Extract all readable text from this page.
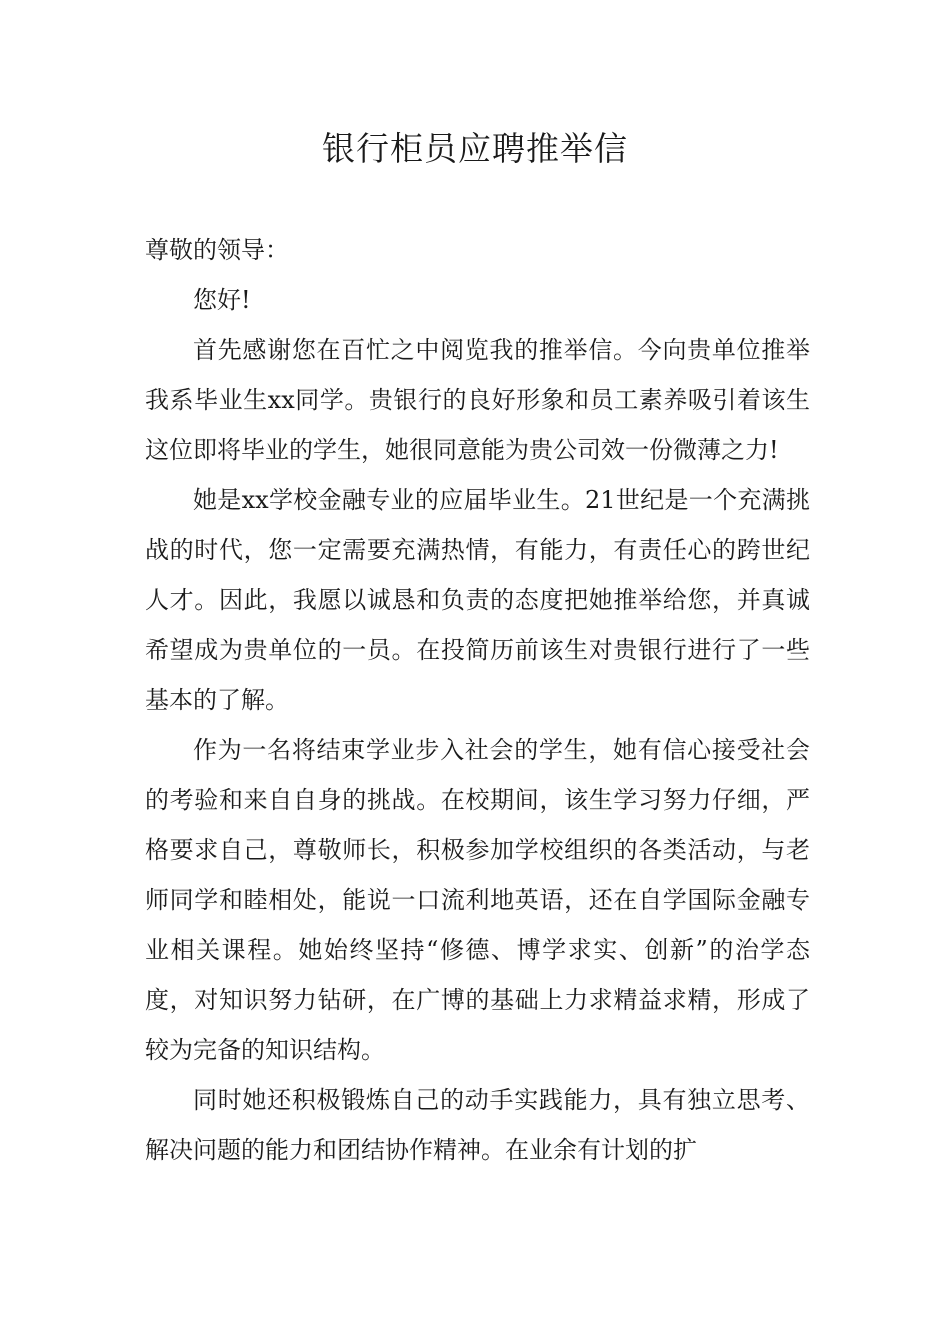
银行柜员应聘推举信

尊敬的领导：

您好!

首先感谢您在百忙之中阅览我的推举信。今向贵单位推举我系毕业生xx同学。贵银行的良好形象和员工素养吸引着该生这位即将毕业的学生，她很同意能为贵公司效一份微薄之力!

她是xx学校金融专业的应届毕业生。21世纪是一个充满挑战的时代，您一定需要充满热情，有能力，有责任心的跨世纪人才。因此，我愿以诚恳和负责的态度把她推举给您，并真诚希望成为贵单位的一员。在投简历前该生对贵银行进行了一些基本的了解。

作为一名将结束学业步入社会的学生，她有信心接受社会的考验和来自自身的挑战。在校期间，该生学习努力仔细，严格要求自己，尊敬师长，积极参加学校组织的各类活动，与老师同学和睦相处，能说一口流利地英语，还在自学国际金融专业相关课程。她始终坚持“修德、博学求实、创新”的治学态度，对知识努力钻研，在广博的基础上力求精益求精，形成了较为完备的知识结构。

同时她还积极锻炼自己的动手实践能力，具有独立思考、解决问题的能力和团结协作精神。在业余有计划的扩
